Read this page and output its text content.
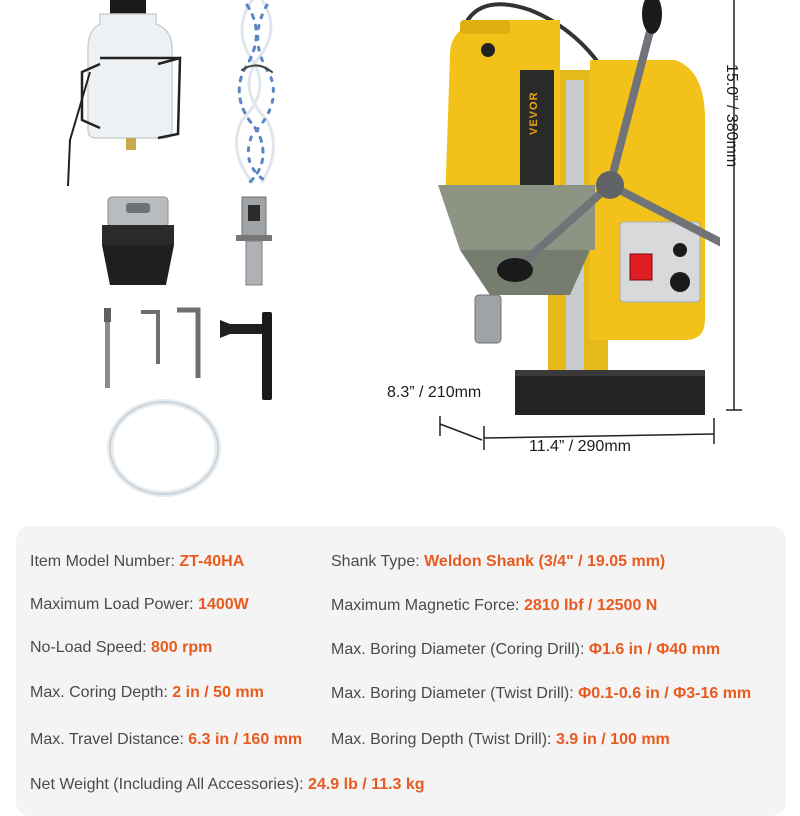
VEVOR	15.0” / 380mm
8.3” / 210mm
11.4” / 290mm
Item Model Number: ZT-40HA
Maximum Load Power: 1400W
No-Load Speed: 800 rpm
Max. Coring Depth: 2 in / 50 mm
Max. Travel Distance: 6.3 in / 160 mm
Net Weight (Including All Accessories): 24.9 lb / 11.3 kg
Shank Type: Weldon Shank (3/4" / 19.05 mm)
Maximum Magnetic Force: 2810 lbf / 12500 N
Max. Boring Diameter (Coring Drill): Φ1.6 in / Φ40 mm
Max. Boring Diameter (Twist Drill): Φ0.1-0.6 in / Φ3-16 mm
Max. Boring Depth (Twist Drill): 3.9 in / 100 mm
